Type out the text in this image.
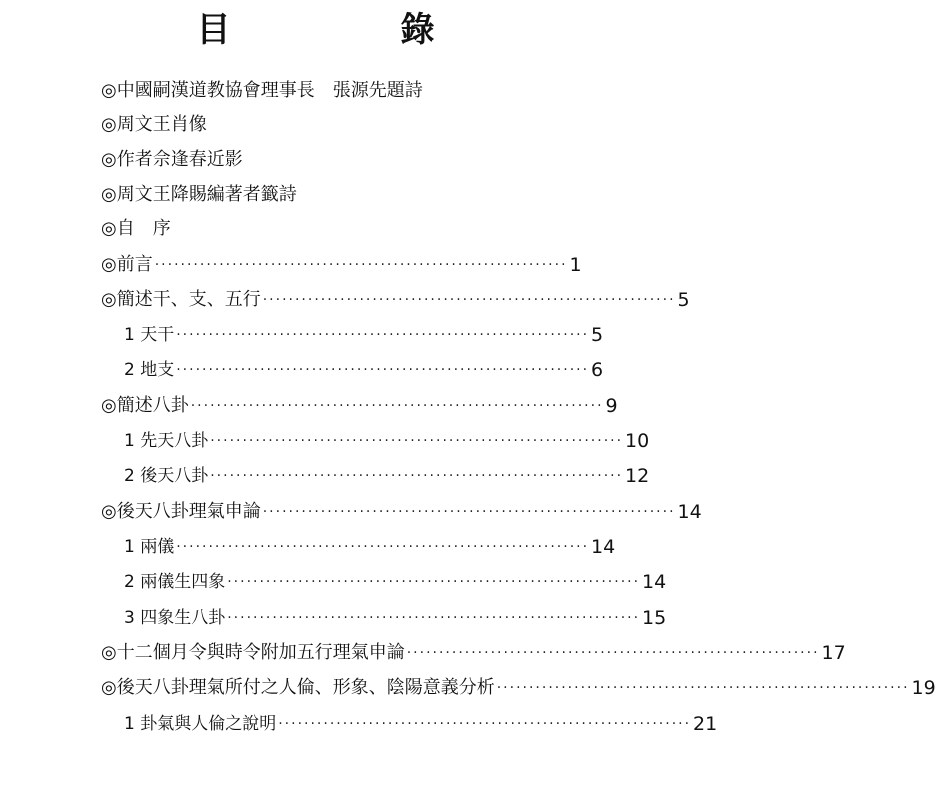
目　錄
◎中國嗣漢道教協會理事長　張源先題詩
◎周文王肖像
◎作者佘逢春近影
◎周文王降賜編著者籤詩
◎自　序
◎前言 ································································ 1
◎簡述干、支、五行 ································································ 5
1 天干 ································································ 5
2 地支 ································································ 6
◎簡述八卦 ································································ 9
1 先天八卦 ································································ 10
2 後天八卦 ································································ 12
◎後天八卦理氣申論 ································································ 14
1 兩儀 ································································ 14
2 兩儀生四象 ································································ 14
3 四象生八卦 ································································ 15
◎十二個月令與時令附加五行理氣申論 ································································ 17
◎後天八卦理氣所付之人倫、形象、陰陽意義分析 ································································ 19
1 卦氣與人倫之說明 ································································ 21
